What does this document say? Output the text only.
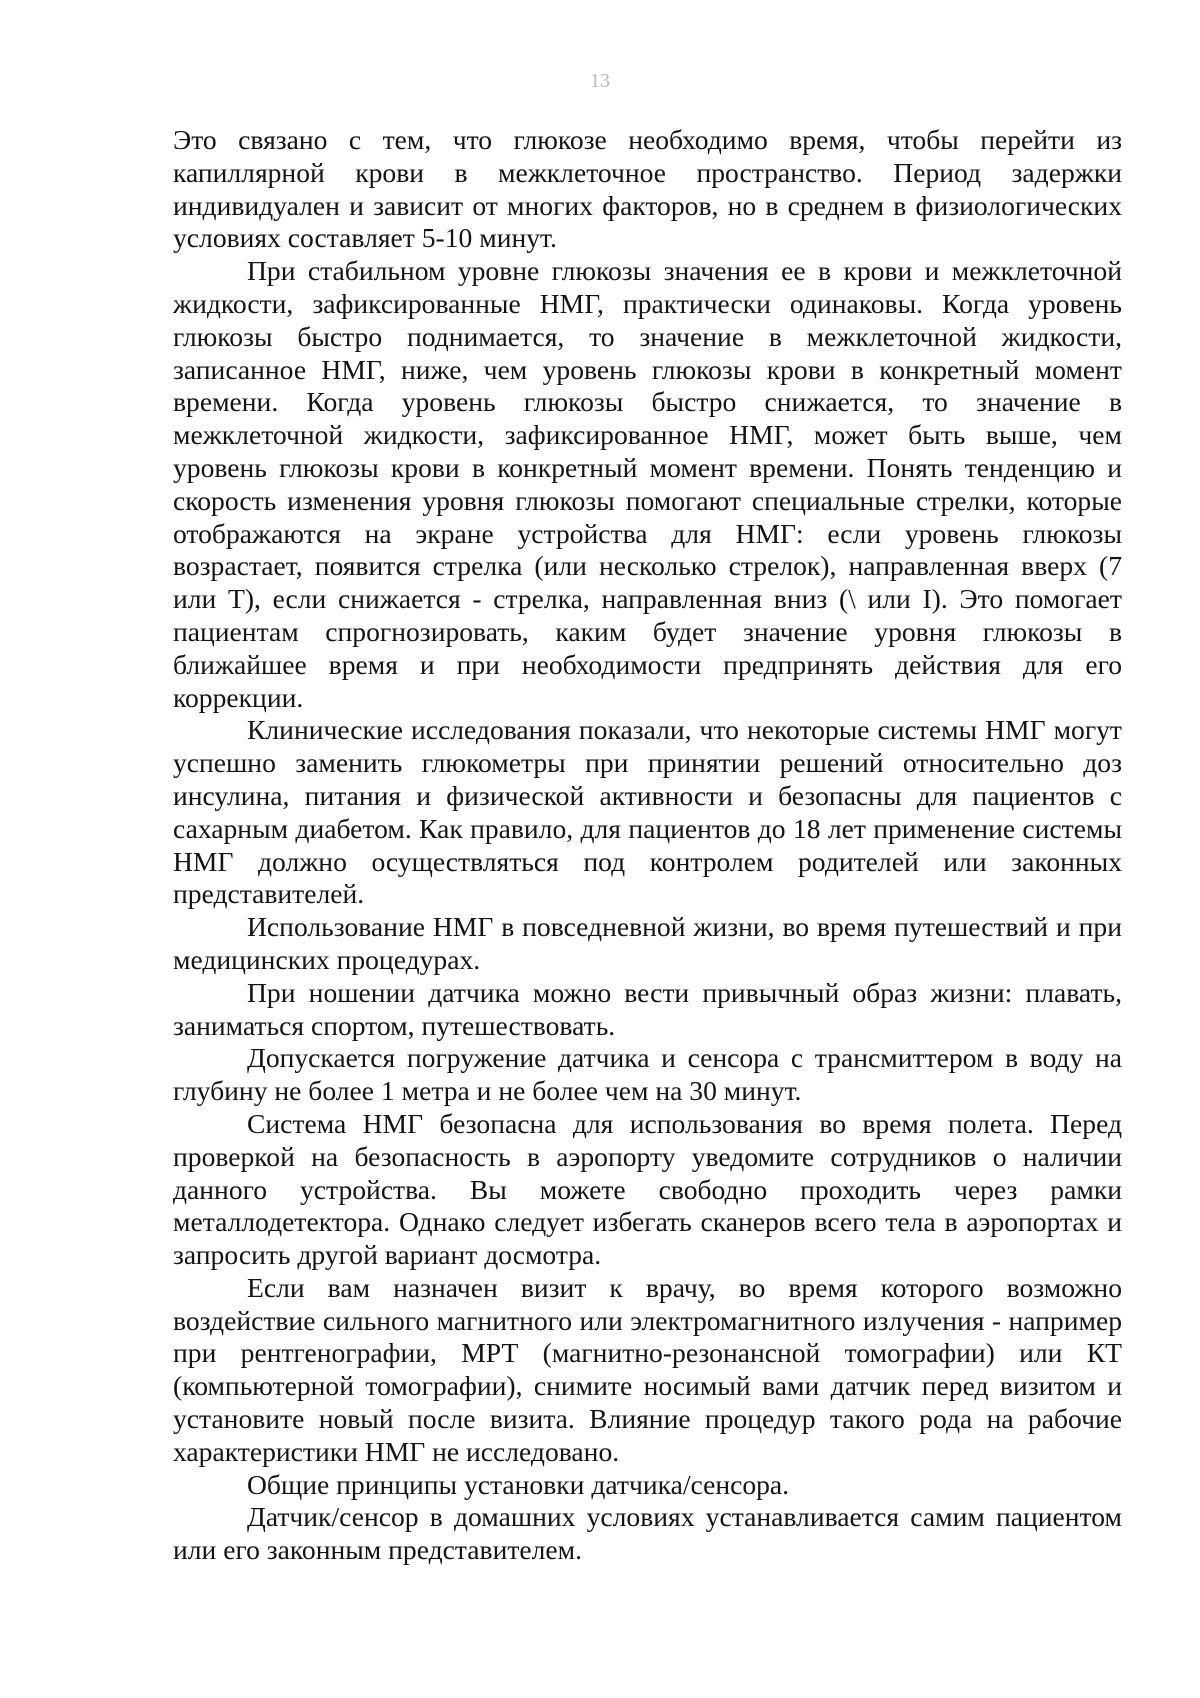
13

Это связано с тем, что глюкозе необходимо время, чтобы перейти из капиллярной крови в межклеточное пространство. Период задержки индивидуален и зависит от многих факторов, но в среднем в физиологических условиях составляет 5-10 минут.

При стабильном уровне глюкозы значения ее в крови и межклеточной жидкости, зафиксированные НМГ, практически одинаковы. Когда уровень глюкозы быстро поднимается, то значение в межклеточной жидкости, записанное НМГ, ниже, чем уровень глюкозы крови в конкретный момент времени. Когда уровень глюкозы быстро снижается, то значение в межклеточной жидкости, зафиксированное НМГ, может быть выше, чем уровень глюкозы крови в конкретный момент времени. Понять тенденцию и скорость изменения уровня глюкозы помогают специальные стрелки, которые отображаются на экране устройства для НМГ: если уровень глюкозы возрастает, появится стрелка (или несколько стрелок), направленная вверх (7 или Т), если снижается - стрелка, направленная вниз (\ или I). Это помогает пациентам спрогнозировать, каким будет значение уровня глюкозы в ближайшее время и при необходимости предпринять действия для его коррекции.

Клинические исследования показали, что некоторые системы НМГ могут успешно заменить глюкометры при принятии решений относительно доз инсулина, питания и физической активности и безопасны для пациентов с сахарным диабетом. Как правило, для пациентов до 18 лет применение системы НМГ должно осуществляться под контролем родителей или законных представителей.

Использование НМГ в повседневной жизни, во время путешествий и при медицинских процедурах.

При ношении датчика можно вести привычный образ жизни: плавать, заниматься спортом, путешествовать.

Допускается погружение датчика и сенсора с трансмиттером в воду на глубину не более 1 метра и не более чем на 30 минут.

Система НМГ безопасна для использования во время полета. Перед проверкой на безопасность в аэропорту уведомите сотрудников о наличии данного устройства. Вы можете свободно проходить через рамки металлодетектора. Однако следует избегать сканеров всего тела в аэропортах и запросить другой вариант досмотра.

Если вам назначен визит к врачу, во время которого возможно воздействие сильного магнитного или электромагнитного излучения - например при рентгенографии, МРТ (магнитно-резонансной томографии) или КТ (компьютерной томографии), снимите носимый вами датчик перед визитом и установите новый после визита. Влияние процедур такого рода на рабочие характеристики НМГ не исследовано.

Общие принципы установки датчика/сенсора.

Датчик/сенсор в домашних условиях устанавливается самим пациентом или его законным представителем.
